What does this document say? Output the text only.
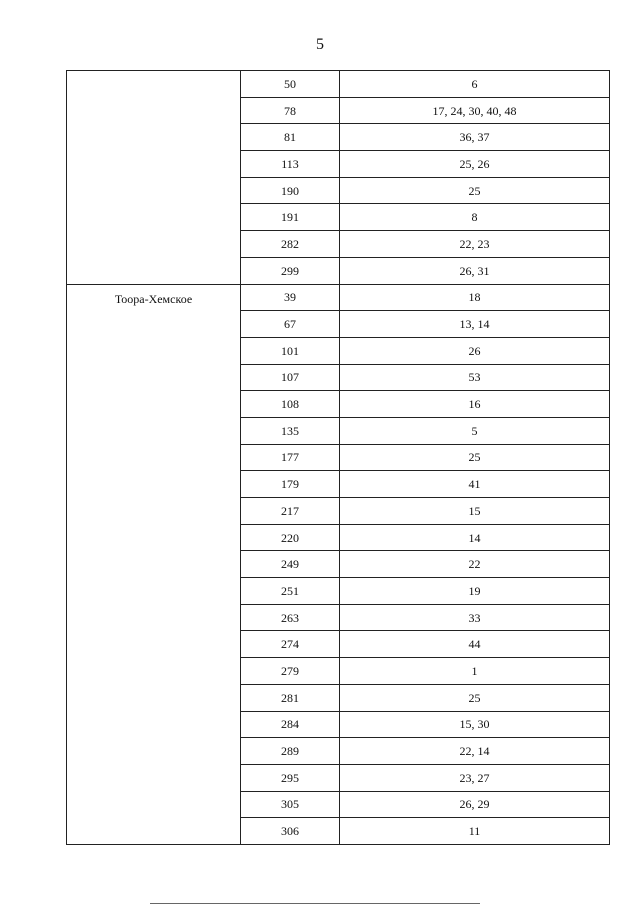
5
	50	6
	78	17, 24, 30, 40, 48
	81	36, 37
	113	25, 26
	190	25
	191	8
	282	22, 23
	299	26, 31
Тоора-Хемское	39	18
	67	13, 14
	101	26
	107	53
	108	16
	135	5
	177	25
	179	41
	217	15
	220	14
	249	22
	251	19
	263	33
	274	44
	279	1
	281	25
	284	15, 30
	289	22, 14
	295	23, 27
	305	26, 29
	306	11
